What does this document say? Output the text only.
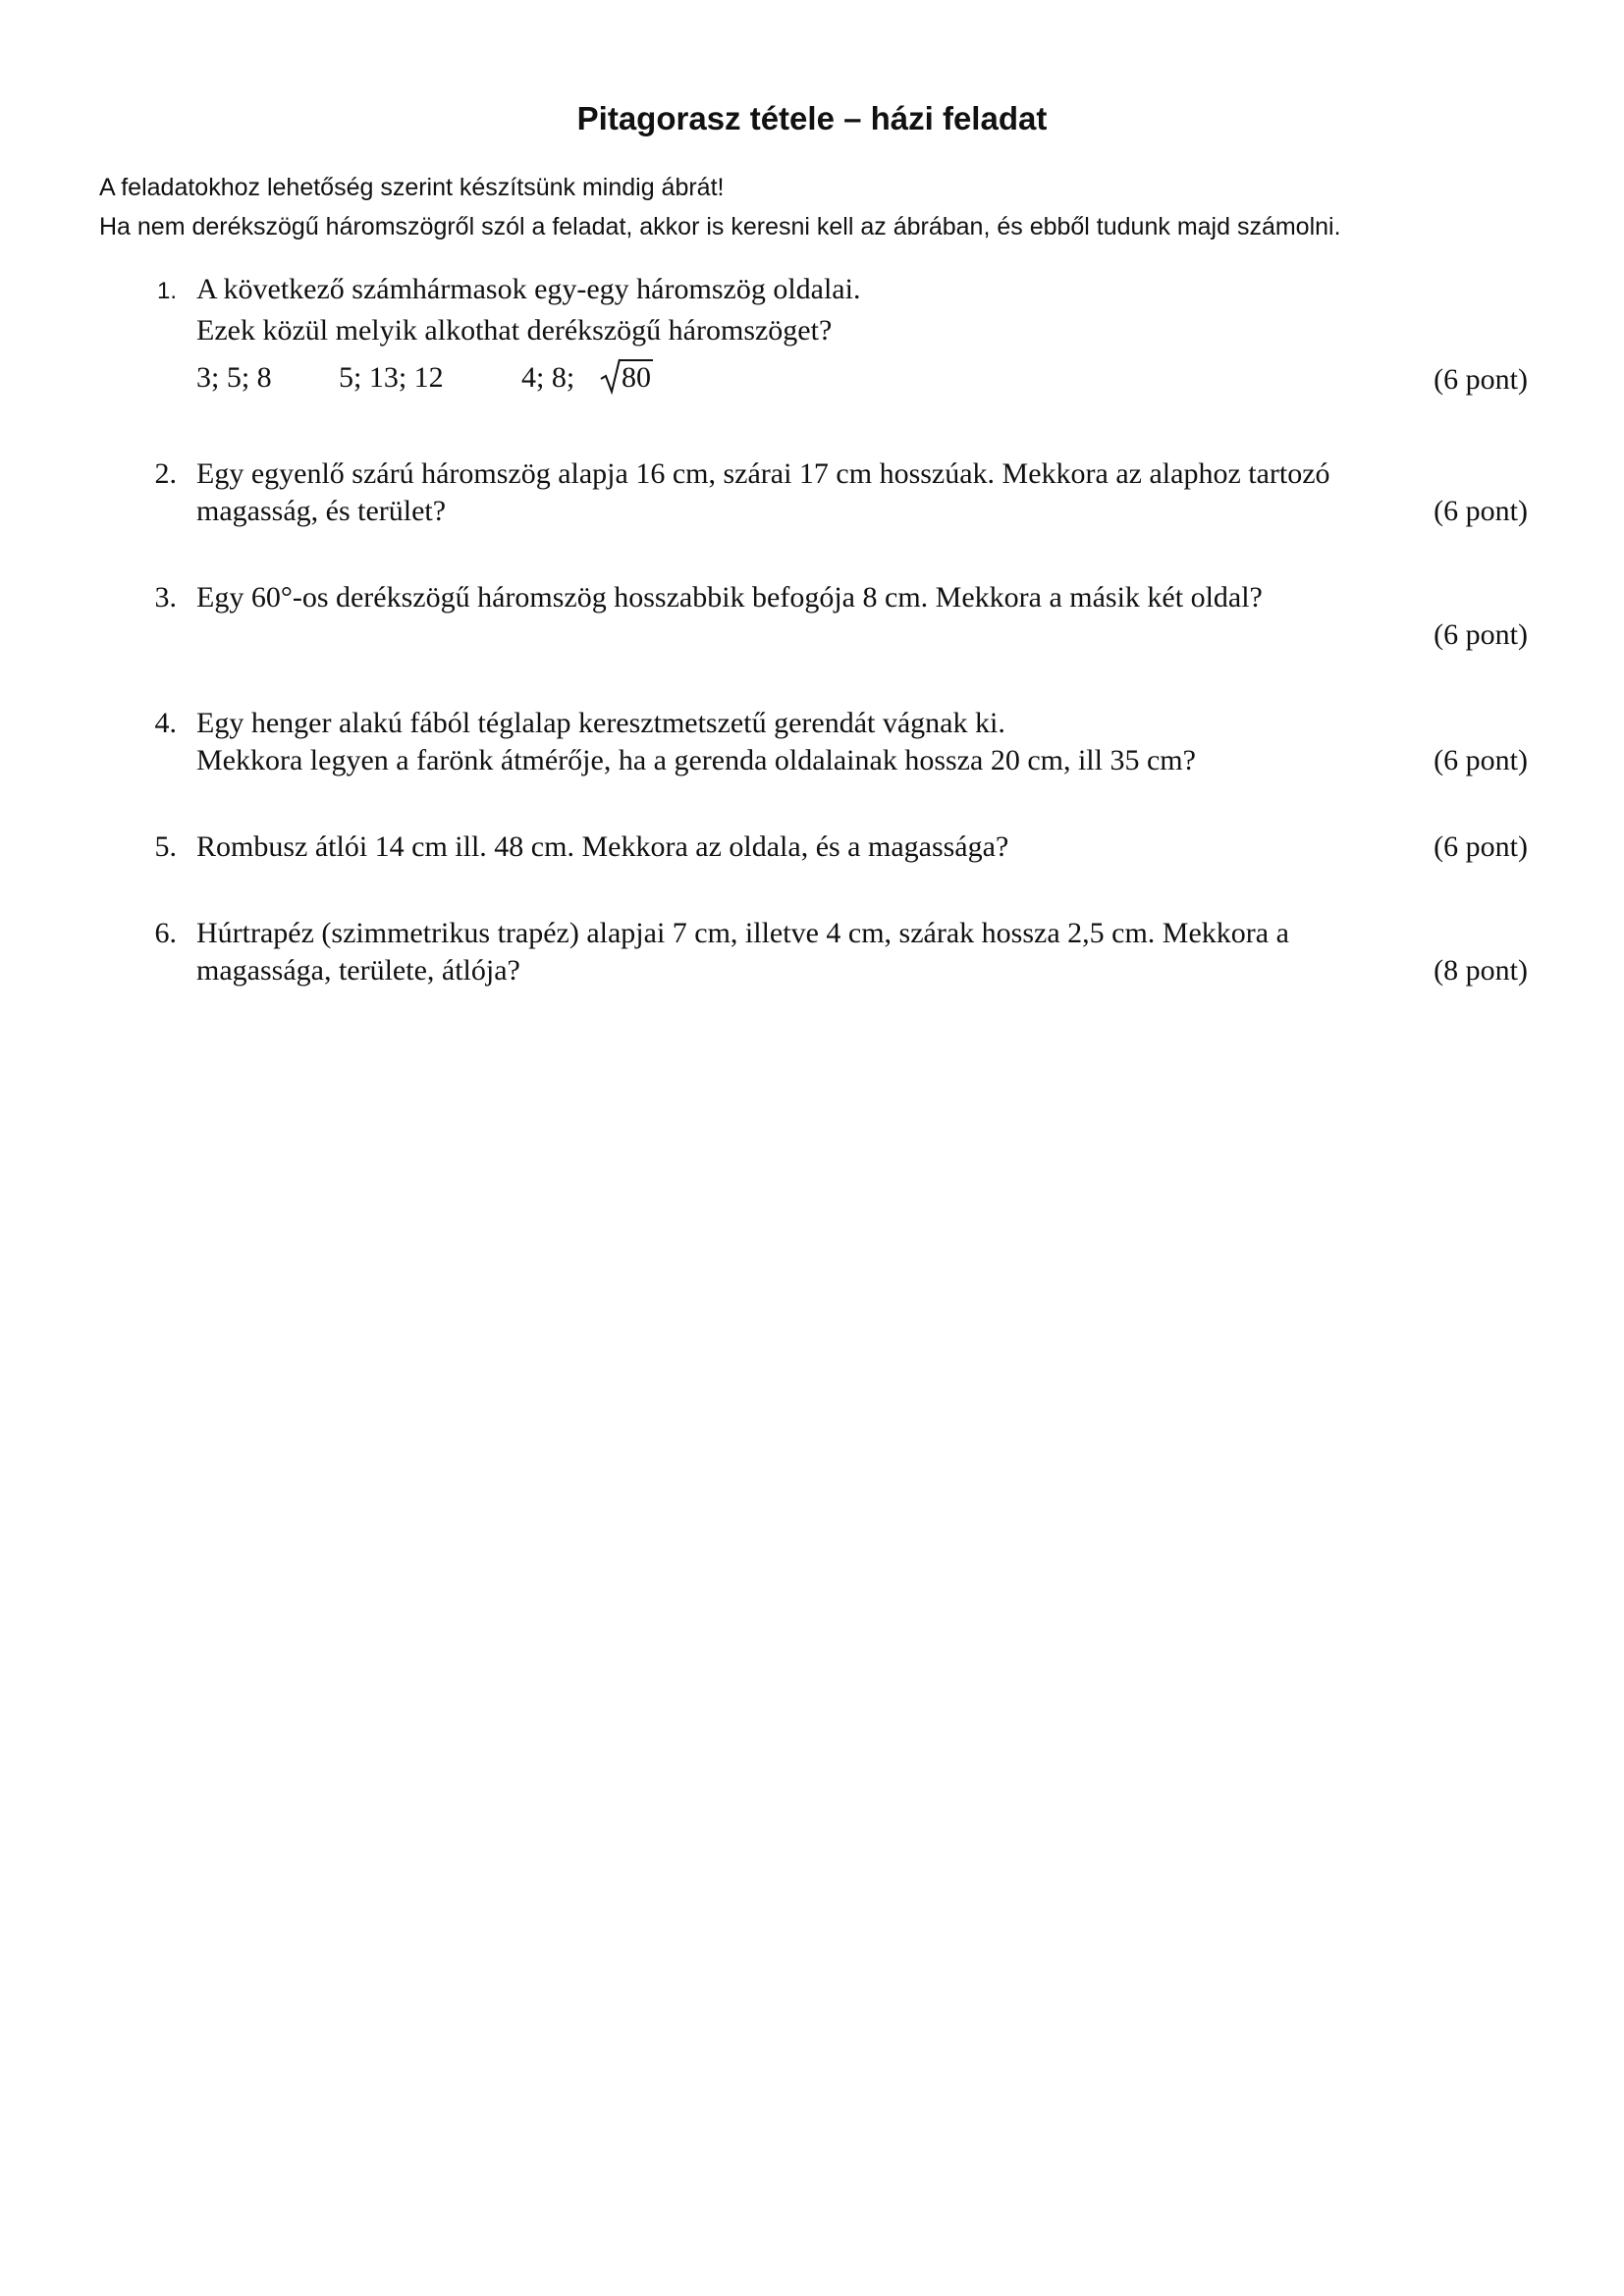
Pitagorasz tétele – házi feladat
A feladatokhoz lehetőség szerint készítsünk mindig ábrát!
Ha nem derékszögű háromszögről szól a feladat, akkor is keresni kell az ábrában, és ebből tudunk majd számolni.
1. A következő számhármasok egy-egy háromszög oldalai.
Ezek közül melyik alkothat derékszögű háromszöget?
3; 5; 8 5; 13; 12	4; 8; 80	(6 pont)
2. Egy egyenlő szárú háromszög alapja 16 cm, szárai 17 cm hosszúak. Mekkora az alaphoz tartozó
magasság, és terület?	(6 pont)
3. Egy 60°-os derékszögű háromszög hosszabbik befogója 8 cm. Mekkora a másik két oldal?
(6 pont)
4. Egy henger alakú fából téglalap keresztmetszetű gerendát vágnak ki.
Mekkora legyen a farönk átmérője, ha a gerenda oldalainak hossza 20 cm, ill 35 cm?	(6 pont)
5. Rombusz átlói 14 cm ill. 48 cm. Mekkora az oldala, és a magassága?	(6 pont)
6. Húrtrapéz (szimmetrikus trapéz) alapjai 7 cm, illetve 4 cm, szárak hossza 2,5 cm. Mekkora a
magassága, területe, átlója?	(8 pont)
